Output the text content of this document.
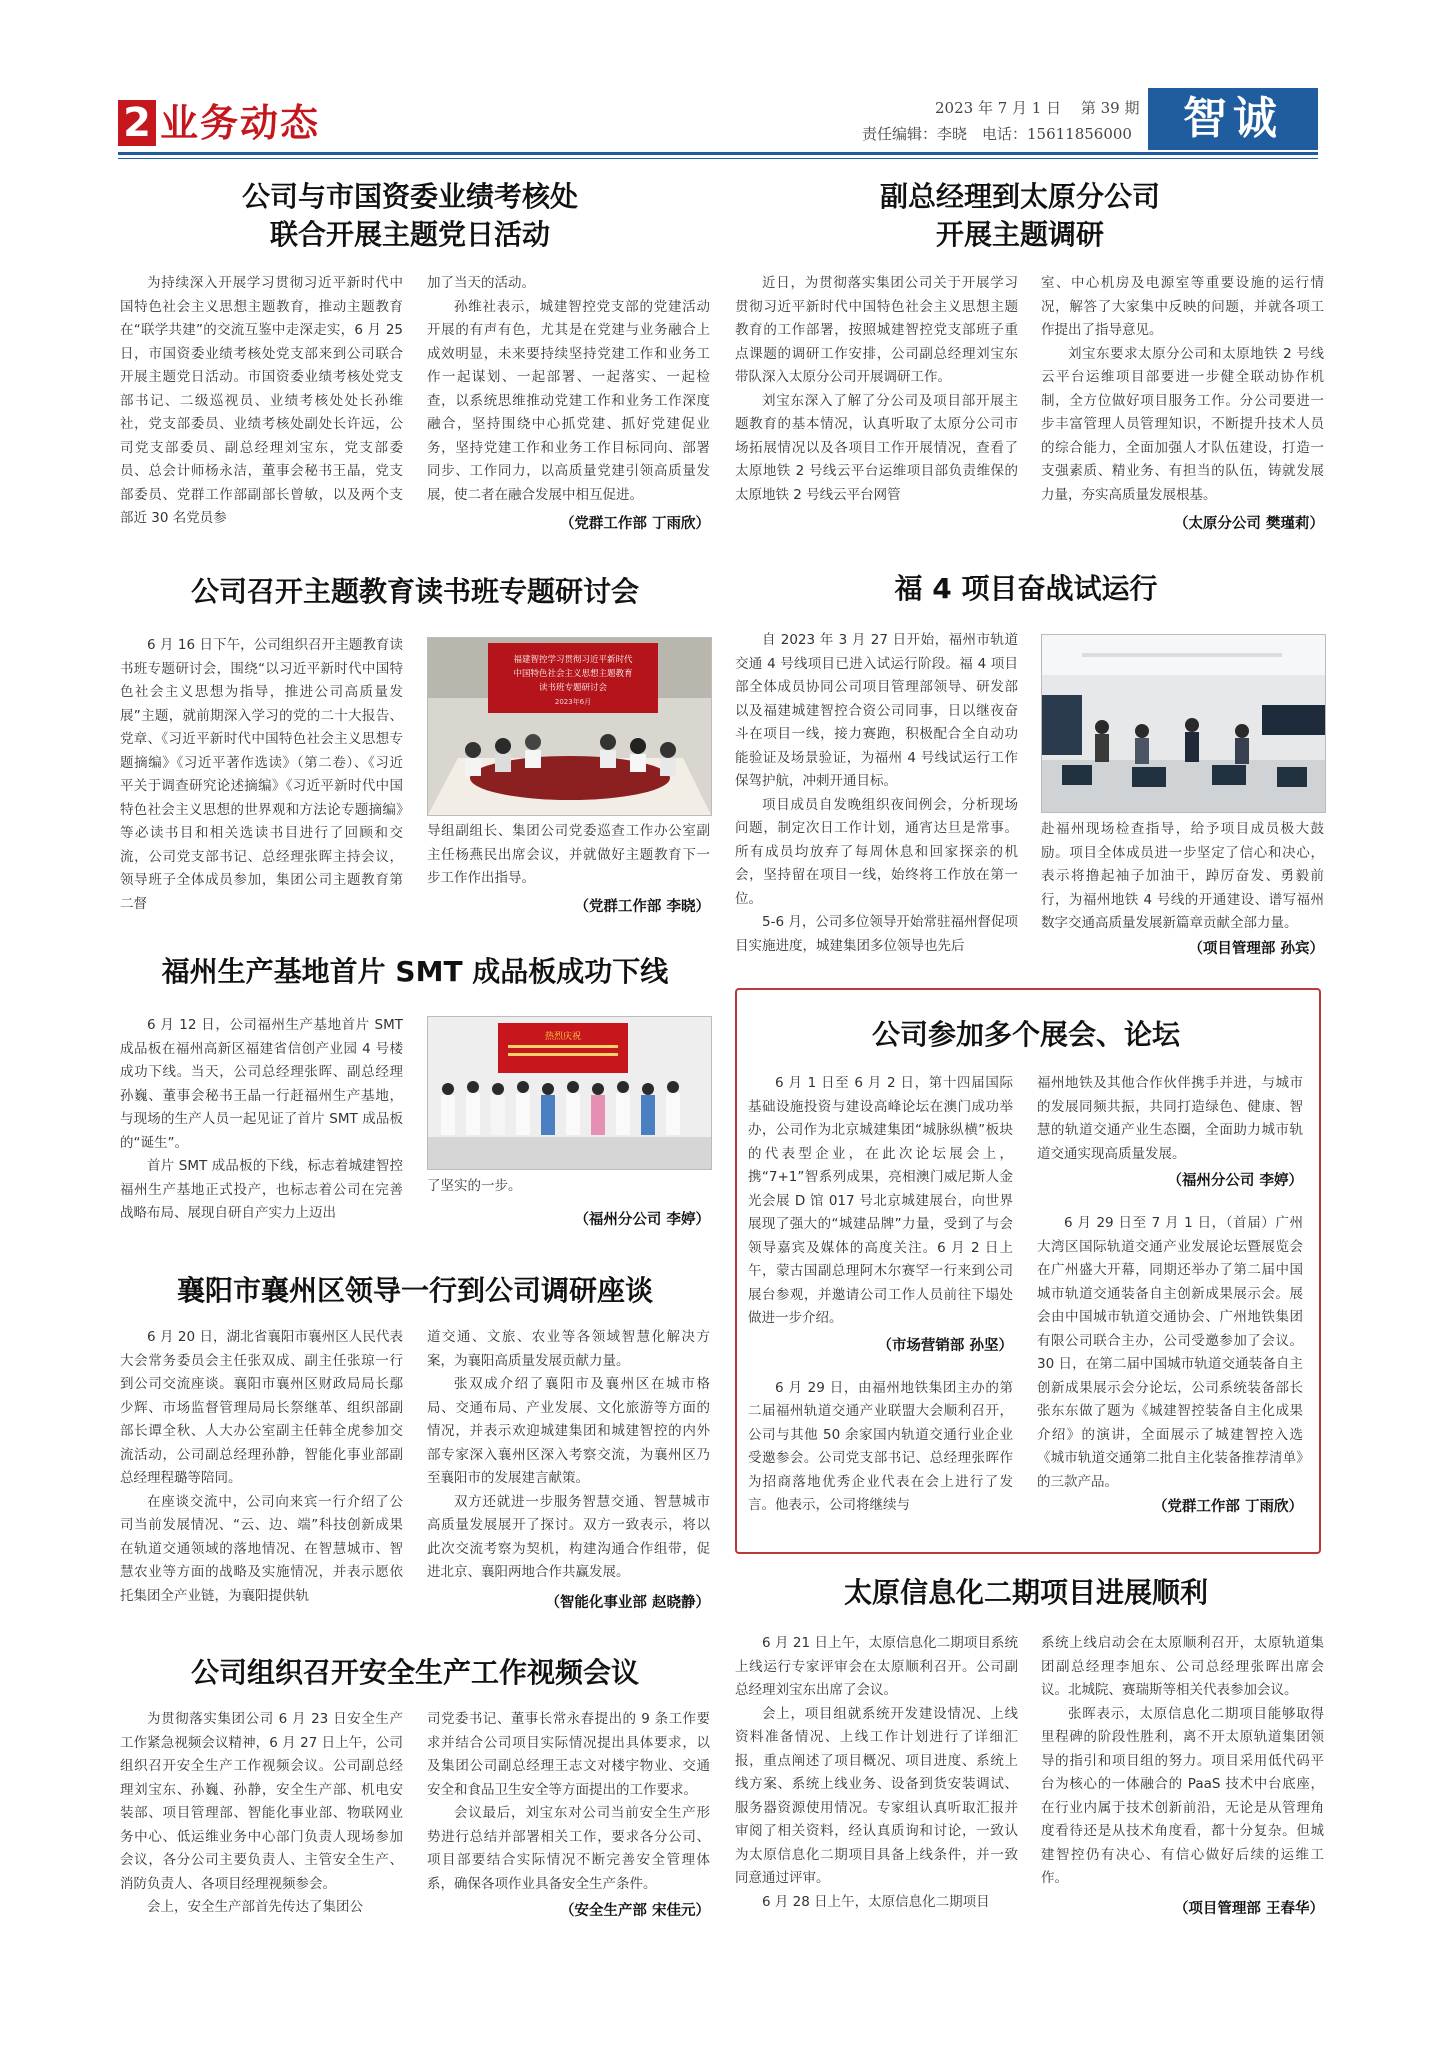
2 业务动态	2023 年 7 月 1 日　 第 39 期
责任编辑：李晓　电话：15611856000	智诚
公司与市国资委业绩考核处
联合开展主题党日活动

为持续深入开展学习贯彻习近平新时代中国特色社会主义思想主题教育，推动主题教育在“联学共建”的交流互鉴中走深走实，6 月 25 日，市国资委业绩考核处党支部来到公司联合开展主题党日活动。市国资委业绩考核处党支部书记、二级巡视员、业绩考核处处长孙维社，党支部委员、业绩考核处副处长许远，公司党支部委员、副总经理刘宝东，党支部委员、总会计师杨永洁，董事会秘书王晶，党支部委员、党群工作部副部长曾敏，以及两个支部近 30 名党员参

加了当天的活动。

孙维社表示，城建智控党支部的党建活动开展的有声有色，尤其是在党建与业务融合上成效明显，未来要持续坚持党建工作和业务工作一起谋划、一起部署、一起落实、一起检查，以系统思维推动党建工作和业务工作深度融合，坚持围绕中心抓党建、抓好党建促业务，坚持党建工作和业务工作目标同向、部署同步、工作同力，以高质量党建引领高质量发展，使二者在融合发展中相互促进。

（党群工作部 丁雨欣）
副总经理到太原分公司
开展主题调研

近日，为贯彻落实集团公司关于开展学习贯彻习近平新时代中国特色社会主义思想主题教育的工作部署，按照城建智控党支部班子重点课题的调研工作安排，公司副总经理刘宝东带队深入太原分公司开展调研工作。

刘宝东深入了解了分公司及项目部开展主题教育的基本情况，认真听取了太原分公司市场拓展情况以及各项目工作开展情况，查看了太原地铁 2 号线云平台运维项目部负责维保的太原地铁 2 号线云平台网管

室、中心机房及电源室等重要设施的运行情况，解答了大家集中反映的问题，并就各项工作提出了指导意见。

刘宝东要求太原分公司和太原地铁 2 号线云平台运维项目部要进一步健全联动协作机制，全方位做好项目服务工作。分公司要进一步丰富管理人员管理知识，不断提升技术人员的综合能力，全面加强人才队伍建设，打造一支强素质、精业务、有担当的队伍，铸就发展力量，夯实高质量发展根基。

（太原分公司 樊瑾莉）
公司召开主题教育读书班专题研讨会

6 月 16 日下午，公司组织召开主题教育读书班专题研讨会，围绕“以习近平新时代中国特色社会主义思想为指导，推进公司高质量发展”主题，就前期深入学习的党的二十大报告、党章、《习近平新时代中国特色社会主义思想专题摘编》《习近平著作选读》（第二卷）、《习近平关于调查研究论述摘编》《习近平新时代中国特色社会主义思想的世界观和方法论专题摘编》等必读书目和相关选读书目进行了回顾和交流，公司党支部书记、总经理张晖主持会议，领导班子全体成员参加，集团公司主题教育第二督

福建智控学习贯彻习近平新时代
中国特色社会主义思想主题教育
读书班专题研讨会
2023年6月

导组副组长、集团公司党委巡查工作办公室副主任杨燕民出席会议，并就做好主题教育下一步工作作出指导。

（党群工作部 李晓）
福 4 项目奋战试运行

自 2023 年 3 月 27 日开始，福州市轨道交通 4 号线项目已进入试运行阶段。福 4 项目部全体成员协同公司项目管理部领导、研发部以及福建城建智控合资公司同事，日以继夜奋斗在项目一线，接力赛跑，积极配合全自动功能验证及场景验证，为福州 4 号线试运行工作保驾护航，冲刺开通目标。

项目成员自发晚组织夜间例会，分析现场问题，制定次日工作计划，通宵达旦是常事。所有成员均放弃了每周休息和回家探亲的机会，坚持留在项目一线，始终将工作放在第一位。

5-6 月，公司多位领导开始常驻福州督促项目实施进度，城建集团多位领导也先后

赴福州现场检查指导，给予项目成员极大鼓励。项目全体成员进一步坚定了信心和决心，表示将撸起袖子加油干，踔厉奋发、勇毅前行，为福州地铁 4 号线的开通建设、谱写福州数字交通高质量发展新篇章贡献全部力量。

（项目管理部 孙宾）
福州生产基地首片 SMT 成品板成功下线

6 月 12 日，公司福州生产基地首片 SMT 成品板在福州高新区福建省信创产业园 4 号楼成功下线。当天，公司总经理张晖、副总经理孙巍、董事会秘书王晶一行赶福州生产基地，与现场的生产人员一起见证了首片 SMT 成品板的“诞生”。

首片 SMT 成品板的下线，标志着城建智控福州生产基地正式投产，也标志着公司在完善战略布局、展现自研自产实力上迈出

热烈庆祝

了坚实的一步。

（福州分公司 李婷）
公司参加多个展会、论坛

6 月 1 日至 6 月 2 日，第十四届国际基础设施投资与建设高峰论坛在澳门成功举办，公司作为北京城建集团“城脉纵横”板块的代表型企业，在此次论坛展会上，携“7+1”智系列成果，亮相澳门威尼斯人金光会展 D 馆 017 号北京城建展台，向世界展现了强大的“城建品牌”力量，受到了与会领导嘉宾及媒体的高度关注。6 月 2 日上午，蒙古国副总理阿木尔赛罕一行来到公司展台参观，并邀请公司工作人员前往下塌处做进一步介绍。

（市场营销部 孙坚）

6 月 29 日，由福州地铁集团主办的第二届福州轨道交通产业联盟大会顺利召开，公司与其他 50 余家国内轨道交通行业企业受邀参会。公司党支部书记、总经理张晖作为招商落地优秀企业代表在会上进行了发言。他表示，公司将继续与

福州地铁及其他合作伙伴携手并进，与城市的发展同频共振，共同打造绿色、健康、智慧的轨道交通产业生态圈，全面助力城市轨道交通实现高质量发展。

（福州分公司 李婷）

6 月 29 日至 7 月 1 日，（首届）广州大湾区国际轨道交通产业发展论坛暨展览会在广州盛大开幕，同期还举办了第二届中国城市轨道交通装备自主创新成果展示会。展会由中国城市轨道交通协会、广州地铁集团有限公司联合主办，公司受邀参加了会议。30 日，在第二届中国城市轨道交通装备自主创新成果展示会分论坛，公司系统装备部长张东东做了题为《城建智控装备自主化成果介绍》的演讲，全面展示了城建智控入选《城市轨道交通第二批自主化装备推荐清单》的三款产品。

（党群工作部 丁雨欣）
襄阳市襄州区领导一行到公司调研座谈

6 月 20 日，湖北省襄阳市襄州区人民代表大会常务委员会主任张双成、副主任张琼一行到公司交流座谈。襄阳市襄州区财政局局长鄢少辉、市场监督管理局局长祭继革、组织部副部长谭全秋、人大办公室副主任韩全虎参加交流活动，公司副总经理孙静，智能化事业部副总经理程璐等陪同。

在座谈交流中，公司向来宾一行介绍了公司当前发展情况、“云、边、端”科技创新成果在轨道交通领域的落地情况、在智慧城市、智慧农业等方面的战略及实施情况，并表示愿依托集团全产业链，为襄阳提供轨

道交通、文旅、农业等各领域智慧化解决方案，为襄阳高质量发展贡献力量。

张双成介绍了襄阳市及襄州区在城市格局、交通布局、产业发展、文化旅游等方面的情况，并表示欢迎城建集团和城建智控的内外部专家深入襄州区深入考察交流，为襄州区乃至襄阳市的发展建言献策。

双方还就进一步服务智慧交通、智慧城市高质量发展展开了探讨。双方一致表示，将以此次交流考察为契机，构建沟通合作组带，促进北京、襄阳两地合作共赢发展。

（智能化事业部 赵晓静）	太原信息化二期项目进展顺利

6 月 21 日上午，太原信息化二期项目系统上线运行专家评审会在太原顺利召开。公司副总经理刘宝东出席了会议。

会上，项目组就系统开发建设情况、上线资料准备情况、上线工作计划进行了详细汇报，重点阐述了项目概况、项目进度、系统上线方案、系统上线业务、设备到货安装调试、服务器资源使用情况。专家组认真听取汇报并审阅了相关资料，经认真质询和讨论，一致认为太原信息化二期项目具备上线条件，并一致同意通过评审。

6 月 28 日上午，太原信息化二期项目

系统上线启动会在太原顺利召开，太原轨道集团副总经理李旭东、公司总经理张晖出席会议。北城院、赛瑞斯等相关代表参加会议。

张晖表示，太原信息化二期项目能够取得里程碑的阶段性胜利，离不开太原轨道集团领导的指引和项目组的努力。项目采用低代码平台为核心的一体融合的 PaaS 技术中台底座，在行业内属于技术创新前沿，无论是从管理角度看待还是从技术角度看，都十分复杂。但城建智控仍有决心、有信心做好后续的运维工作。

（项目管理部 王春华）
公司组织召开安全生产工作视频会议

为贯彻落实集团公司 6 月 23 日安全生产工作紧急视频会议精神，6 月 27 日上午，公司组织召开安全生产工作视频会议。公司副总经理刘宝东、孙巍、孙静，安全生产部、机电安装部、项目管理部、智能化事业部、物联网业务中心、低运维业务中心部门负责人现场参加会议，各分公司主要负责人、主管安全生产、消防负责人、各项目经理视频参会。

会上，安全生产部首先传达了集团公

司党委书记、董事长常永春提出的 9 条工作要求并结合公司项目实际情况提出具体要求，以及集团公司副总经理王志文对楼宇物业、交通安全和食品卫生安全等方面提出的工作要求。

会议最后，刘宝东对公司当前安全生产形势进行总结并部署相关工作，要求各分公司、项目部要结合实际情况不断完善安全管理体系，确保各项作业具备安全生产条件。

（安全生产部 宋佳元）
